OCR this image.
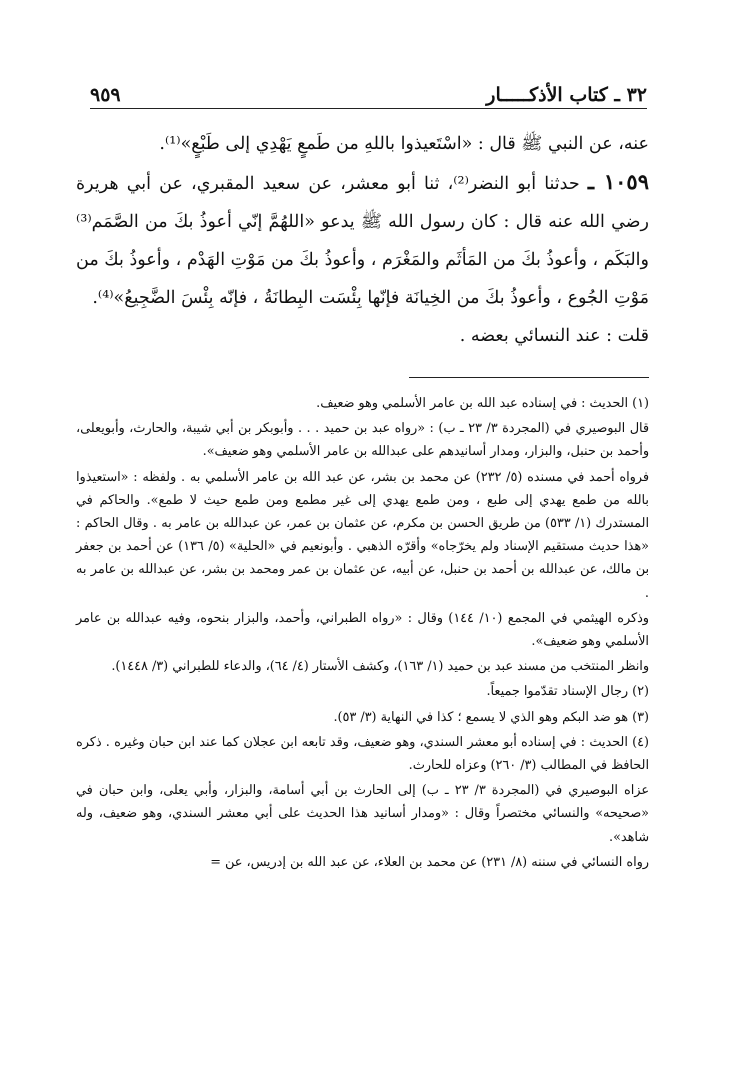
٣٢ ـ كتاب الأذكـــــار
٩٥٩

عنه، عن النبي ﷺ قال : «اسْتَعيذوا باللهِ من طَمعٍ يَهْدِي إلى طَبْعٍ»⁽¹⁾.

١٠٥٩ ـ حدثنا أبو النضر⁽²⁾، ثنا أبو معشر، عن سعيد المقبري، عن أبي هريرة رضي الله عنه قال : كان رسول الله ﷺ يدعو «اللهُمَّ إنّي أعوذُ بكَ من الصَّمَم⁽³⁾ والبَكَم ، وأعوذُ بكَ من المَأثَم والمَغْرَم ، وأعوذُ بكَ من مَوْتِ الهَدْم ، وأعوذُ بكَ من مَوْتِ الجُوع ، وأعوذُ بكَ من الخِيانَة فإنّها بِئْسَت البِطانَةُ ، فإنّه بِئْسَ الضَّجِيعُ»⁽⁴⁾.

قلت : عند النسائي بعضه .

(١) الحديث : في إسناده عبد الله بن عامر الأسلمي وهو ضعيف.

قال البوصيري في (المجردة ٣/ ٢٣ ـ ب) : «رواه عبد بن حميد . . . وأبوبكر بن أبي شيبة، والحارث، وأبويعلى، وأحمد بن حنبل، والبزار، ومدار أسانيدهم على عبدالله بن عامر الأسلمي وهو ضعيف».

فرواه أحمد في مسنده (٥/ ٢٣٢) عن محمد بن بشر، عن عبد الله بن عامر الأسلمي به . ولفظه : «استعيذوا بالله من طمع يهدي إلى طبع ، ومن طمع يهدي إلى غير مطمع ومن طمع حيث لا طمع». والحاكم في المستدرك (١/ ٥٣٣) من طريق الحسن بن مكرم، عن عثمان بن عمر، عن عبدالله بن عامر به . وقال الحاكم : «هذا حديث مستقيم الإسناد ولم يخرّجاه» وأقرّه الذهبي . وأبونعيم في «الحلية» (٥/ ١٣٦) عن أحمد بن جعفر بن مالك، عن عبدالله بن أحمد بن حنبل، عن أبيه، عن عثمان بن عمر ومحمد بن بشر، عن عبدالله بن عامر به .

وذكره الهيثمي في المجمع (١٠/ ١٤٤) وقال : «رواه الطبراني، وأحمد، والبزار بنحوه، وفيه عبدالله بن عامر الأسلمي وهو ضعيف».

وانظر المنتخب من مسند عبد بن حميد (١/ ١٦٣)، وكشف الأستار (٤/ ٦٤)، والدعاء للطبراني (٣/ ١٤٤٨).

(٢) رجال الإسناد تقدّموا جميعاً.

(٣) هو ضد البكم وهو الذي لا يسمع ؛ كذا في النهاية (٣/ ٥٣).

(٤) الحديث : في إسناده أبو معشر السندي، وهو ضعيف، وقد تابعه ابن عجلان كما عند ابن حبان وغيره . ذكره الحافظ في المطالب (٣/ ٢٦٠) وعزاه للحارث.

عزاه البوصيري في (المجردة ٣/ ٢٣ ـ ب) إلى الحارث بن أبي أسامة، والبزار، وأبي يعلى، وابن حبان في «صحيحه» والنسائي مختصراً وقال : «ومدار أسانيد هذا الحديث على أبي معشر السندي، وهو ضعيف، وله شاهد».

رواه النسائي في سننه (٨/ ٢٣١) عن محمد بن العلاء، عن عبد الله بن إدريس، عن =
